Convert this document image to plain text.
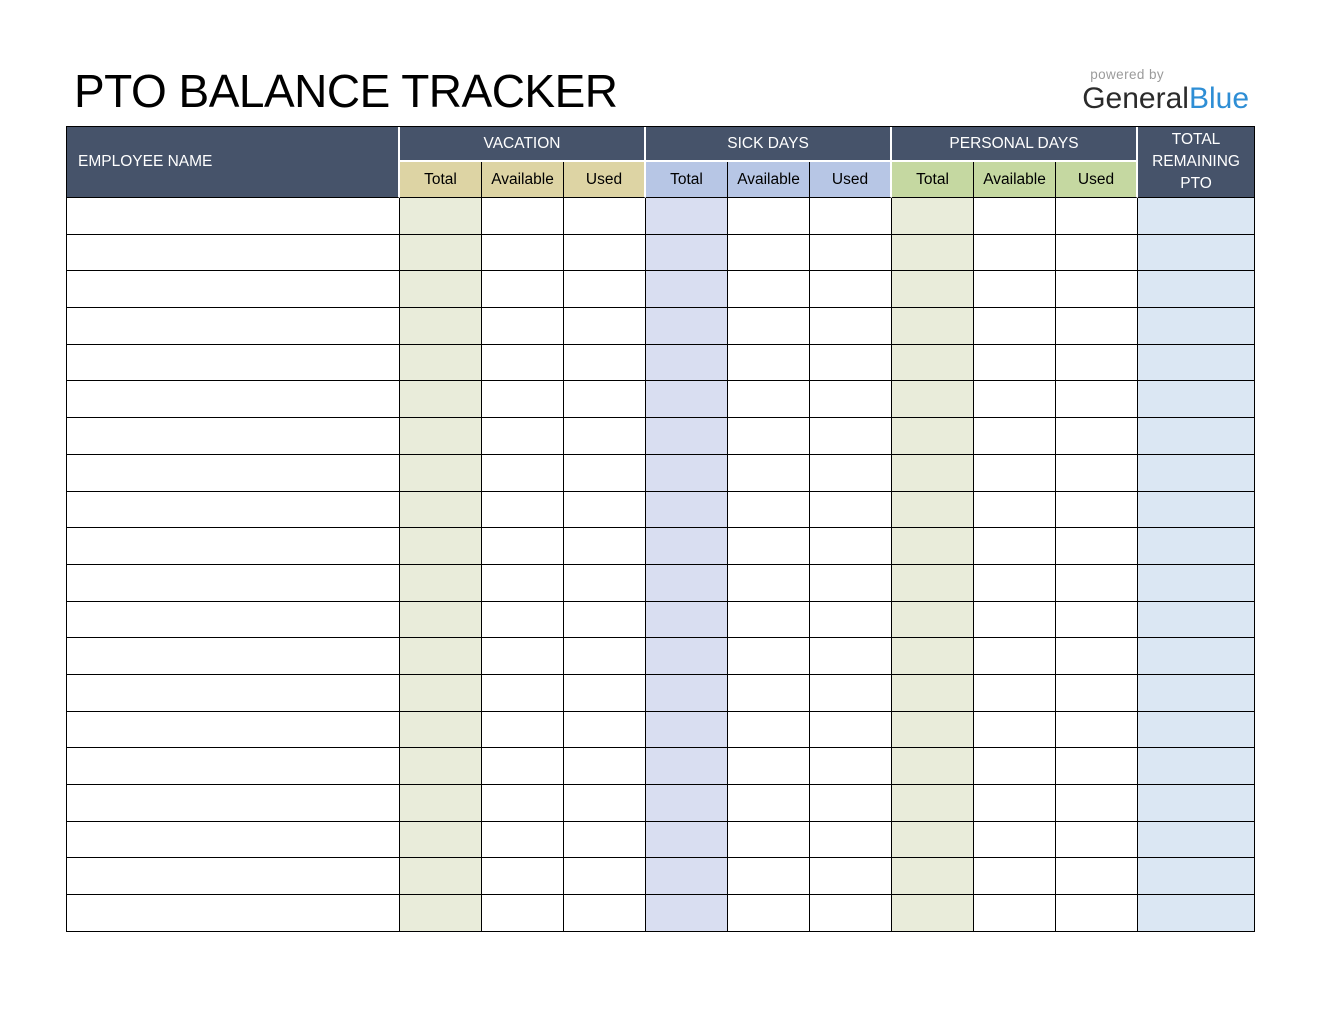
PTO BALANCE TRACKER	powered by
GeneralBlue
EMPLOYEE NAME	VACATION			SICK DAYS			PERSONAL DAYS			TOTAL REMAINING PTO
	Total	Available	Used	Total	Available	Used	Total	Available	Used	
